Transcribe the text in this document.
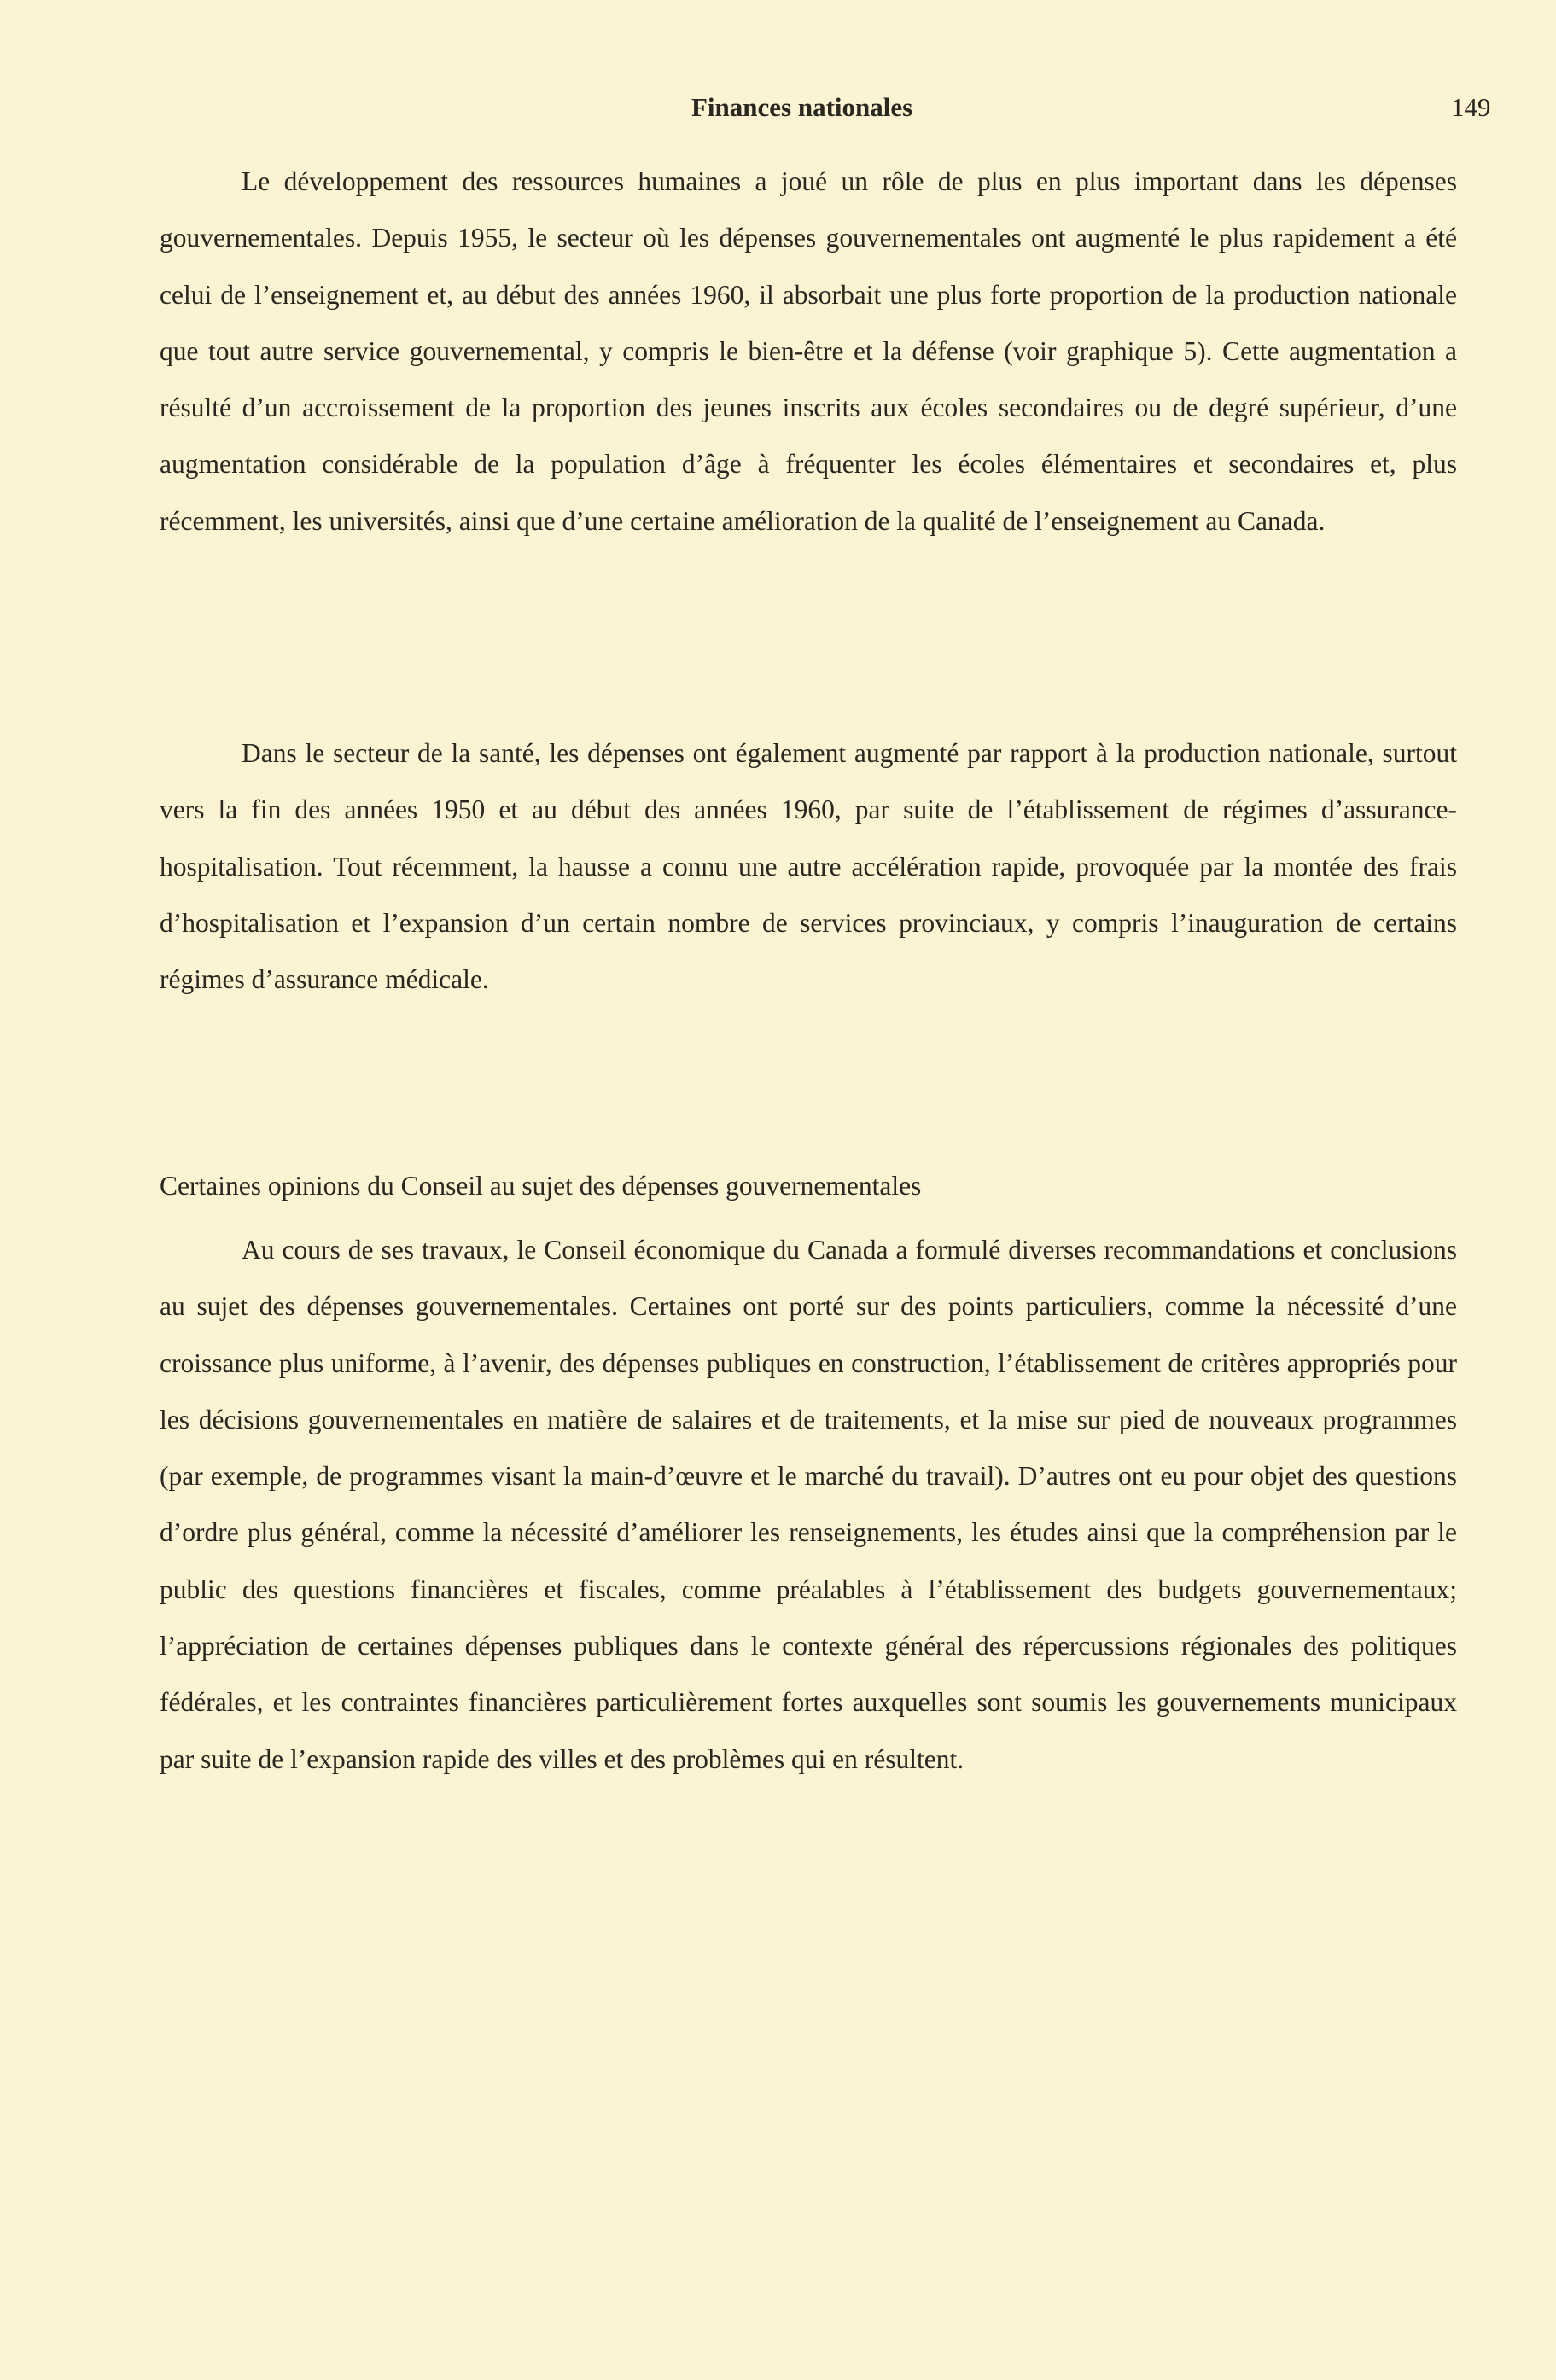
Finances nationales	149

Le développement des ressources humaines a joué un rôle de plus en plus important dans les dépenses gouvernementales. Depuis 1955, le secteur où les dépenses gouvernementales ont augmenté le plus rapidement a été celui de l’enseignement et, au début des années 1960, il absorbait une plus forte proportion de la production nationale que tout autre service gouvernemental, y compris le bien-être et la défense (voir graphique 5). Cette augmentation a résulté d’un accroissement de la proportion des jeunes inscrits aux écoles secondaires ou de degré supérieur, d’une augmentation considérable de la population d’âge à fréquenter les écoles élémentaires et secondaires et, plus récemment, les universités, ainsi que d’une certaine amélioration de la qualité de l’enseignement au Canada.

Dans le secteur de la santé, les dépenses ont également augmenté par rapport à la production nationale, surtout vers la fin des années 1950 et au début des années 1960, par suite de l’établissement de régimes d’assurance-hospitalisation. Tout récemment, la hausse a connu une autre accélération rapide, provoquée par la montée des frais d’hospitalisation et l’expansion d’un certain nombre de services provinciaux, y compris l’inauguration de certains régimes d’assurance médicale.

Certaines opinions du Conseil au sujet des dépenses gouvernementales

Au cours de ses travaux, le Conseil économique du Canada a formulé diverses recommandations et conclusions au sujet des dépenses gouvernementales. Certaines ont porté sur des points particuliers, comme la nécessité d’une croissance plus uniforme, à l’avenir, des dépenses publiques en construction, l’établissement de critères appropriés pour les décisions gouvernementales en matière de salaires et de traitements, et la mise sur pied de nouveaux programmes (par exemple, de programmes visant la main-d’œuvre et le marché du travail). D’autres ont eu pour objet des questions d’ordre plus général, comme la nécessité d’améliorer les renseignements, les études ainsi que la compréhension par le public des questions financières et fiscales, comme préalables à l’établissement des budgets gouvernementaux; l’appréciation de certaines dépenses publiques dans le contexte général des répercussions régionales des politiques fédérales, et les contraintes financières particulièrement fortes auxquelles sont soumis les gouvernements municipaux par suite de l’expansion rapide des villes et des problèmes qui en résultent.
